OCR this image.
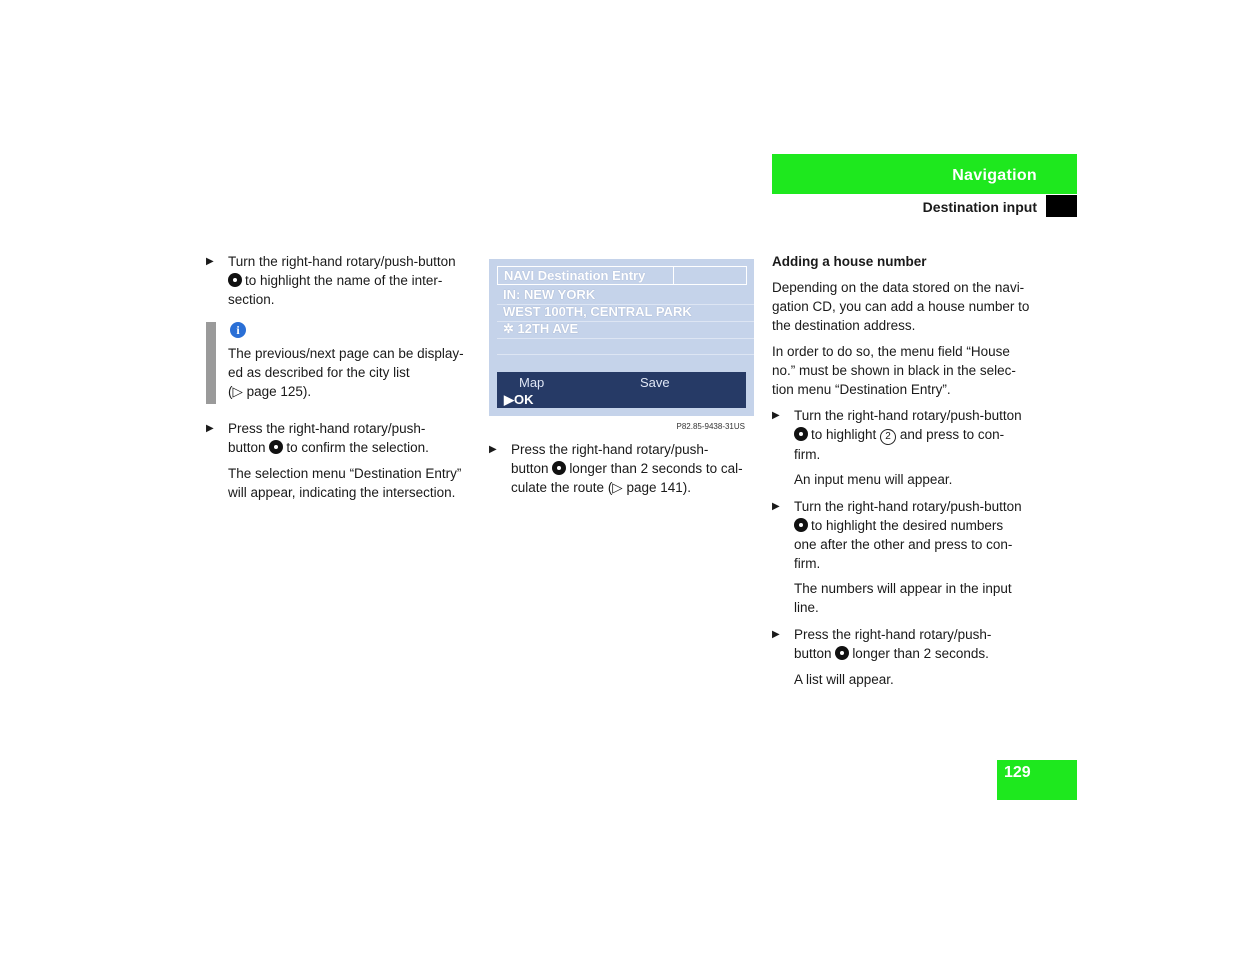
Navigation
Destination input
▶ Turn the right-hand rotary/push-button

to highlight the name of the inter-

section.

i

The previous/next page can be display-

ed as described for the city list

(▷ page 125).

▶ Press the right-hand rotary/push-

button to confirm the selection.

The selection menu “Destination Entry”

will appear, indicating the intersection.

NAVI Destination Entry
IN: NEW YORK
WEST 100TH, CENTRAL PARK
✲ 12TH AVE
Map	Save
▶OK
P82.85-9438-31US
▶ Press the right-hand rotary/push-

button longer than 2 seconds to cal-

culate the route (▷ page 141).

Adding a house number

Depending on the data stored on the navi-

gation CD, you can add a house number to

the destination address.

In order to do so, the menu field “House

no.” must be shown in black in the selec-

tion menu “Destination Entry”.

▶ Turn the right-hand rotary/push-button

to highlight 2 and press to con-

firm.

An input menu will appear.

▶ Turn the right-hand rotary/push-button

to highlight the desired numbers

one after the other and press to con-

firm.

The numbers will appear in the input

line.

▶ Press the right-hand rotary/push-

button longer than 2 seconds.

A list will appear.

129
